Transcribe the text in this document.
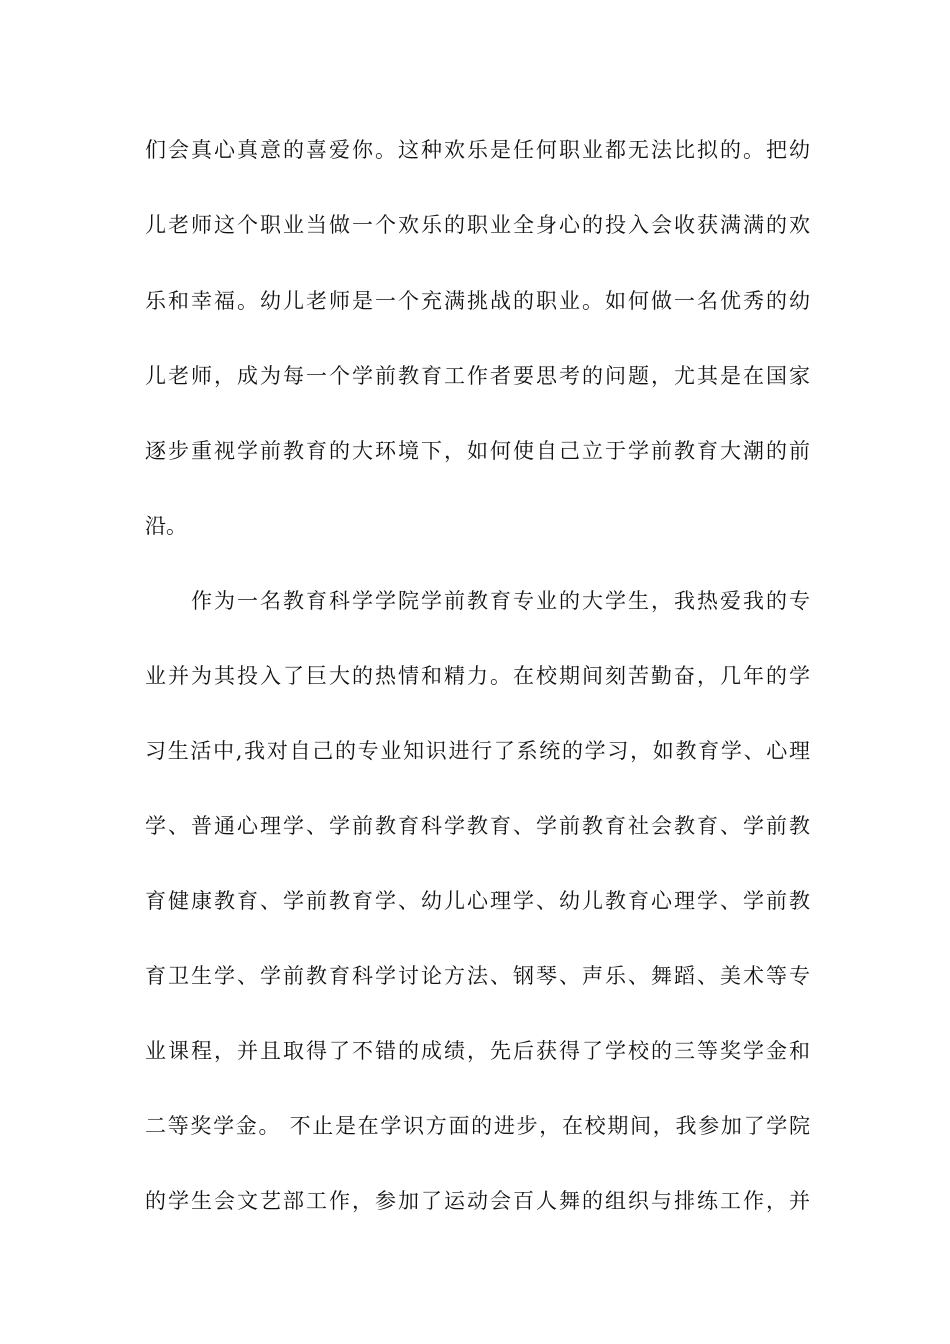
们会真心真意的喜爱你。这种欢乐是任何职业都无法比拟的。把幼
儿老师这个职业当做一个欢乐的职业全身心的投入会收获满满的欢
乐和幸福。幼儿老师是一个充满挑战的职业。如何做一名优秀的幼
儿老师，成为每一个学前教育工作者要思考的问题，尤其是在国家
逐步重视学前教育的大环境下，如何使自己立于学前教育大潮的前
沿。
　　作为一名教育科学学院学前教育专业的大学生，我热爱我的专
业并为其投入了巨大的热情和精力。在校期间刻苦勤奋，几年的学
习生活中,我对自己的专业知识进行了系统的学习，如教育学、心理
学、普通心理学、学前教育科学教育、学前教育社会教育、学前教
育健康教育、学前教育学、幼儿心理学、幼儿教育心理学、学前教
育卫生学、学前教育科学讨论方法、钢琴、声乐、舞蹈、美术等专
业课程，并且取得了不错的成绩，先后获得了学校的三等奖学金和
二等奖学金。 不止是在学识方面的进步，在校期间，我参加了学院
的学生会文艺部工作，参加了运动会百人舞的组织与排练工作，并
